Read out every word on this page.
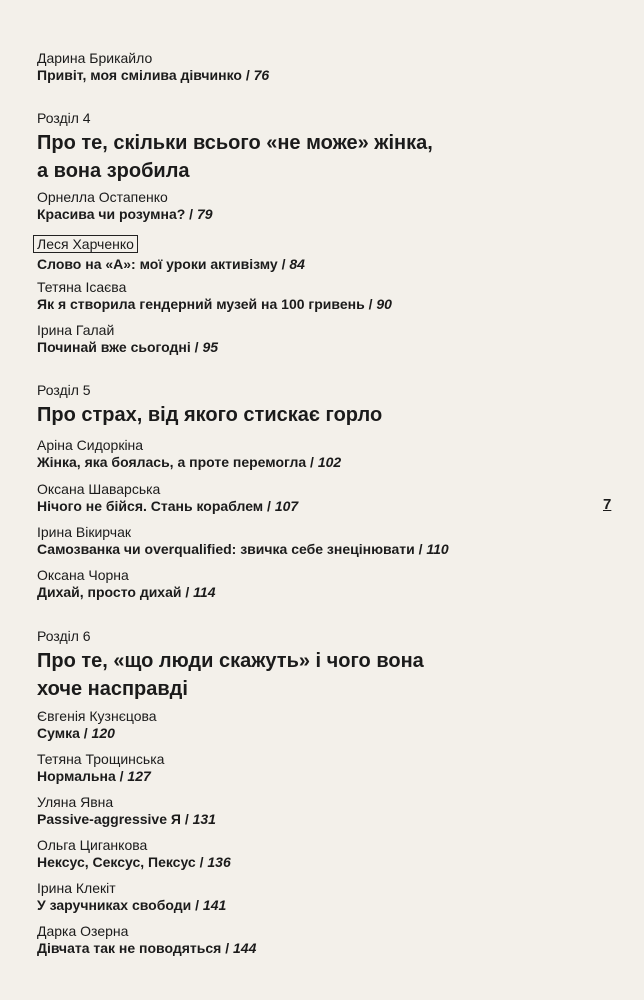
Дарина Брикайло
Привіт, моя смілива дівчинко / 76
Розділ 4
Про те, скільки всього «не може» жінка,
а вона зробила
Орнелла Остапенко
Красива чи розумна? / 79
Леся Харченко
Слово на «А»: мої уроки активізму / 84
Тетяна Ісаєва
Як я створила гендерний музей на 100 гривень / 90
Ірина Галай
Починай вже сьогодні / 95
Розділ 5
Про страх, від якого стискає горло
Аріна Сидоркіна
Жінка, яка боялась, а проте перемогла / 102
Оксана Шаварська
Нічого не бійся. Стань кораблем / 107
Ірина Вікирчак
Самозванка чи overqualified: звичка себе знецінювати / 110
Оксана Чорна
Дихай, просто дихай / 114
Розділ 6
Про те, «що люди скажуть» і чого вона
хоче насправді
Євгенія Кузнєцова
Сумка / 120
Тетяна Трощинська
Нормальна / 127
Уляна Явна
Passive-aggressive Я / 131
Ольга Циганкова
Нексус, Сексус, Пексус / 136
Ірина Клекіт
У заручниках свободи / 141
Дарка Озерна
Дівчата так не поводяться / 144
7
